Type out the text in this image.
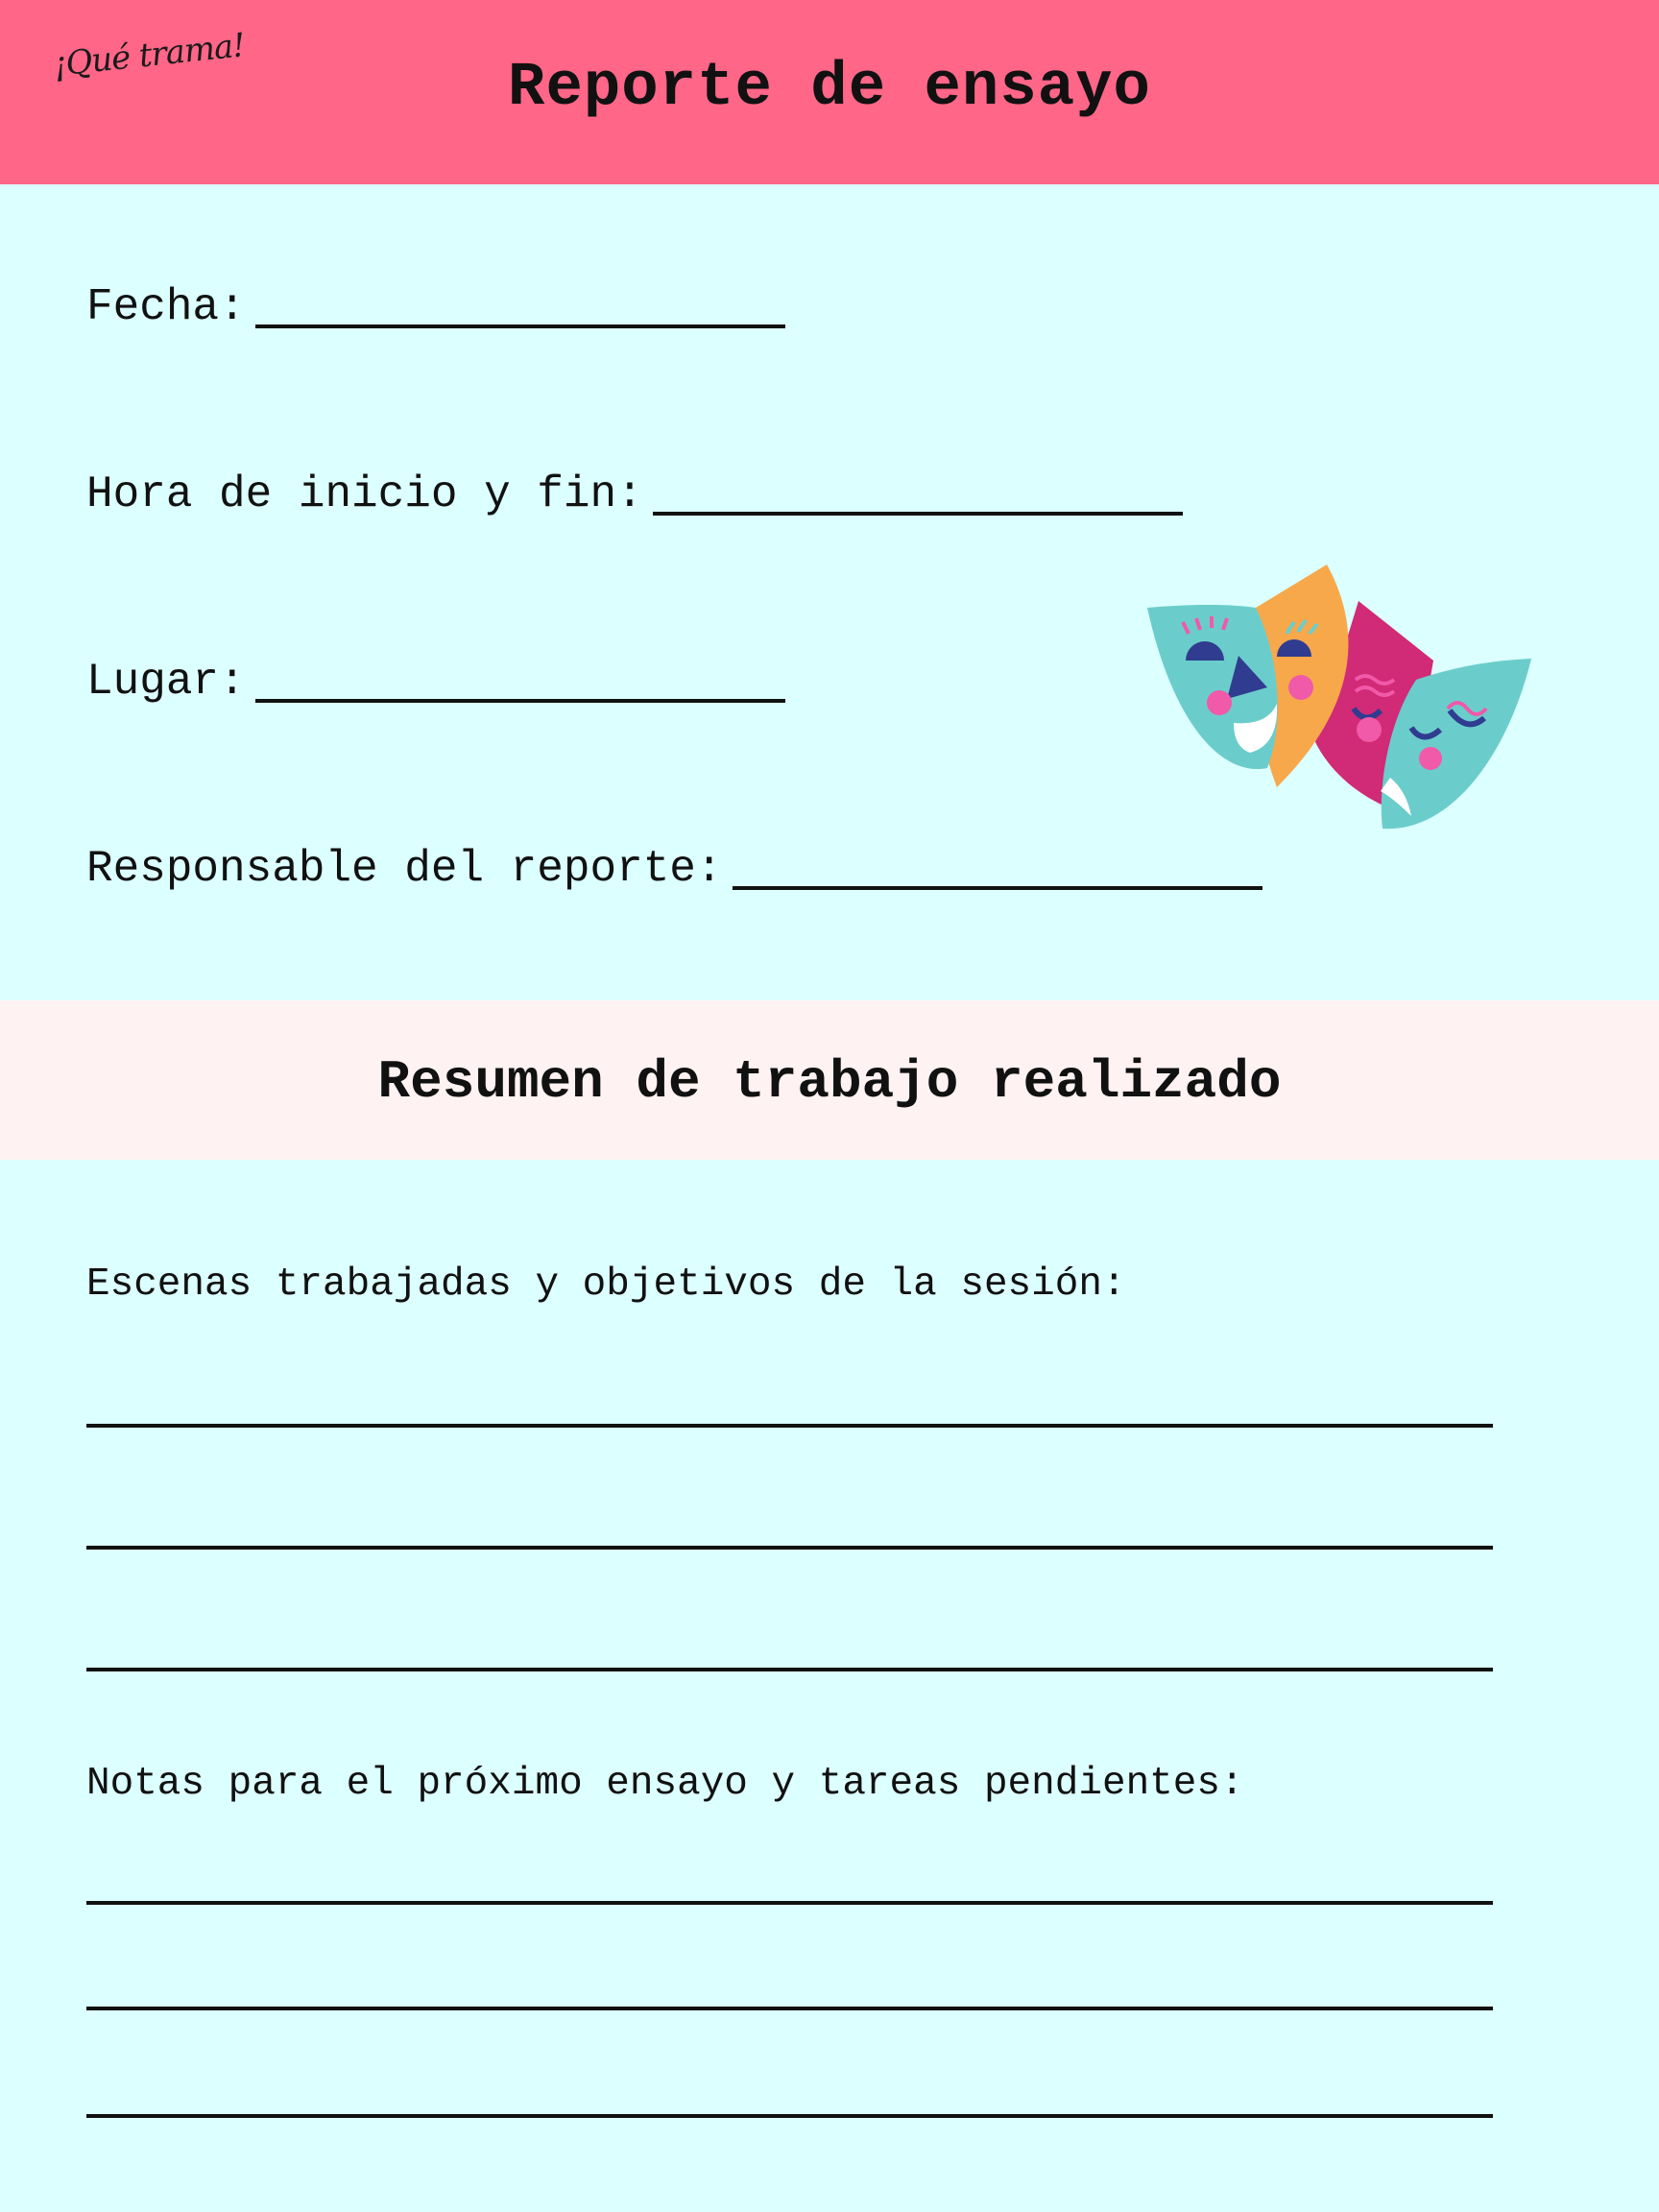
¡Qué trama!	Reporte de ensayo
Fecha:
Hora de inicio y fin:
Lugar:
Responsable del reporte:
Resumen de trabajo realizado
Escenas trabajadas y objetivos de la sesión:
Notas para el próximo ensayo y tareas pendientes:
